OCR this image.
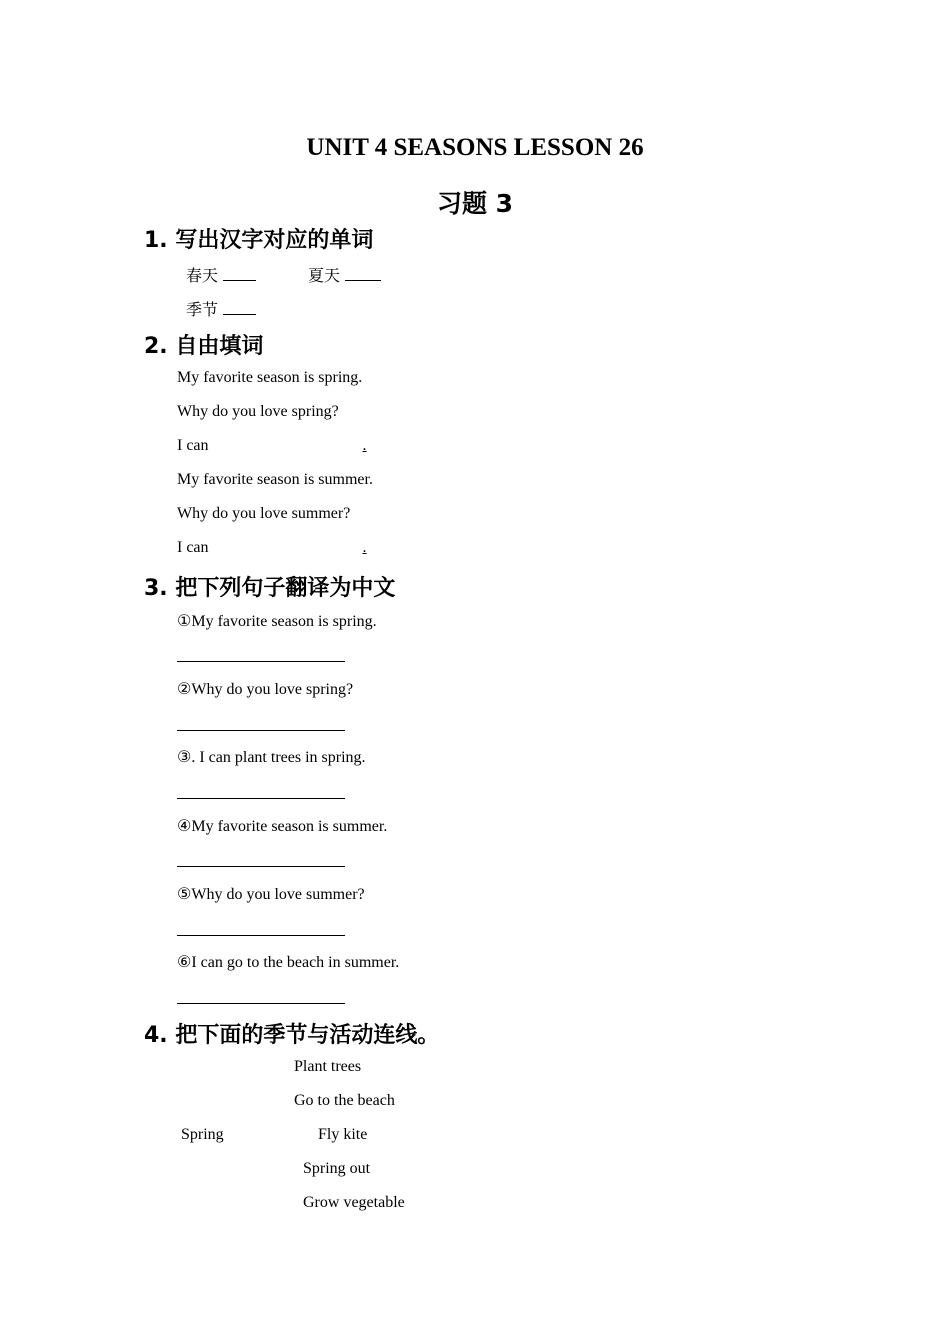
UNIT 4 SEASONS LESSON 26
习题 3
1. 写出汉字对应的单词
春天	夏天
季节
2. 自由填词
My favorite season is spring.
Why do you love spring?
I can	.
My favorite season is summer.
Why do you love summer?
I can	.
3. 把下列句子翻译为中文
①My favorite season is spring.
②Why do you love spring?
③. I can plant trees in spring.
④My favorite season is summer.
⑤Why do you love summer?
⑥I can go to the beach in summer.
4. 把下面的季节与活动连线。
Plant trees
Go to the beach
Spring	Fly kite
Spring out
Grow vegetable
